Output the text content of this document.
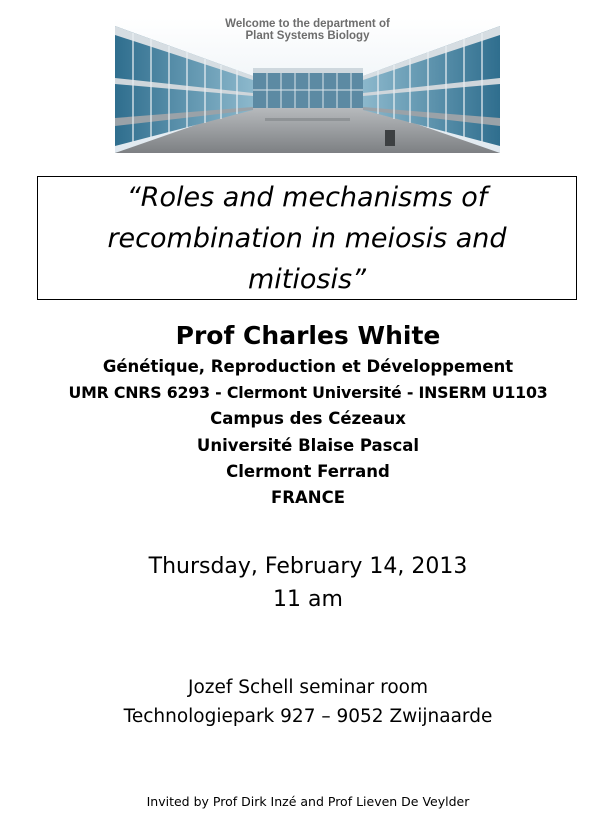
Welcome to the department of
Plant Systems Biology

“Roles and mechanisms of recombination in meiosis and mitiosis”

Prof Charles White

Génétique, Reproduction et Développement

UMR CNRS 6293 - Clermont Université - INSERM U1103

Campus des Cézeaux

Université Blaise Pascal

Clermont Ferrand

FRANCE

Thursday, February 14, 2013
11 am
Jozef Schell seminar room
Technologiepark 927 – 9052 Zwijnaarde
Invited by Prof Dirk Inzé and Prof Lieven De Veylder
